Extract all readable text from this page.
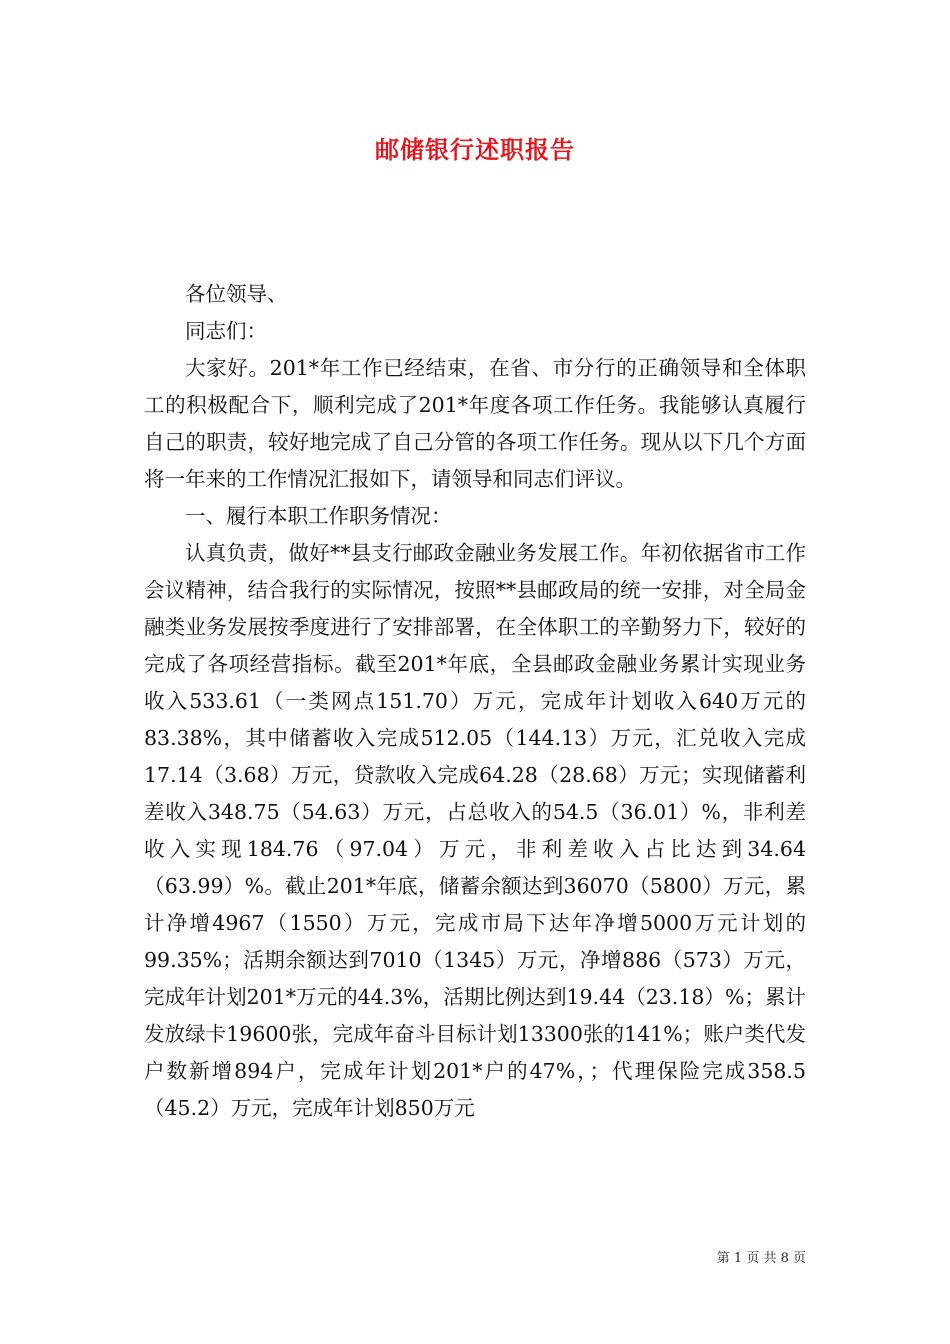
邮储银行述职报告

各位领导、

同志们：

大家好。201*年工作已经结束，在省、市分行的正确领导和全体职工的积极配合下，顺利完成了201*年度各项工作任务。我能够认真履行自己的职责，较好地完成了自己分管的各项工作任务。现从以下几个方面将一年来的工作情况汇报如下，请领导和同志们评议。

一、履行本职工作职务情况：

认真负责，做好**县支行邮政金融业务发展工作。年初依据省市工作会议精神，结合我行的实际情况，按照**县邮政局的统一安排，对全局金融类业务发展按季度进行了安排部署，在全体职工的辛勤努力下，较好的完成了各项经营指标。截至201*年底，全县邮政金融业务累计实现业务收入533.61（一类网点151.70）万元，完成年计划收入640万元的83.38%，其中储蓄收入完成512.05（144.13）万元，汇兑收入完成17.14（3.68）万元，贷款收入完成64.28（28.68）万元；实现储蓄利差收入348.75（54.63）万元，占总收入的54.5（36.01）%，非利差收入实现184.76（97.04）万元，非利差收入占比达到34.64（63.99）%。截止201*年底，储蓄余额达到36070（5800）万元，累计净增4967（1550）万元，完成市局下达年净增5000万元计划的99.35%；活期余额达到7010（1345）万元，净增886（573）万元，完成年计划201*万元的44.3%，活期比例达到19.44（23.18）%；累计发放绿卡19600张，完成年奋斗目标计划13300张的141%；账户类代发户数新增894户，完成年计划201*户的47%，；代理保险完成358.5（45.2）万元，完成年计划850万元

第 1 页 共 8 页
